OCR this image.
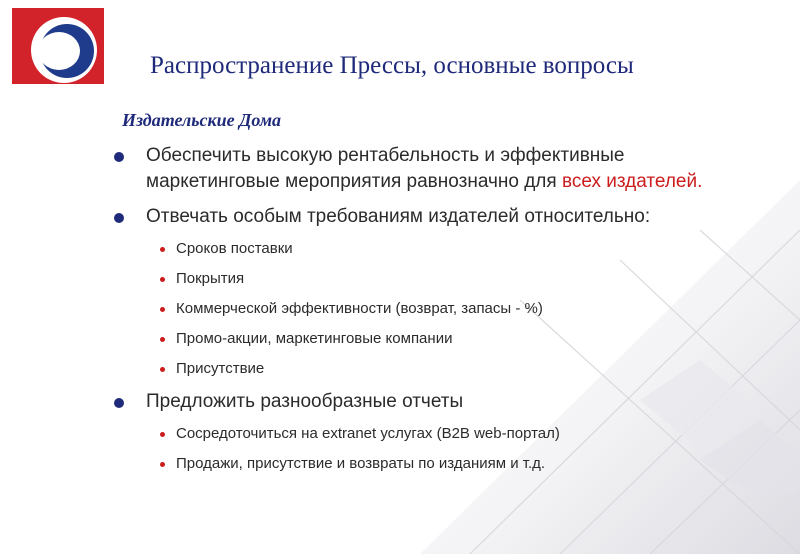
Распространение Прессы, основные вопросы
Издательские Дома
Обеспечить высокую рентабельность и эффективные маркетинговые мероприятия равнозначно для всех издателей.
Отвечать особым требованиям издателей относительно:
Сроков поставки
Покрытия
Коммерческой эффективности (возврат, запасы - %)
Промо-акции, маркетинговые компании
Присутствие
Предложить разнообразные отчеты
Сосредоточиться на extranet услугах (B2B web-портал)
Продажи, присутствие и возвраты по изданиям и т.д.
